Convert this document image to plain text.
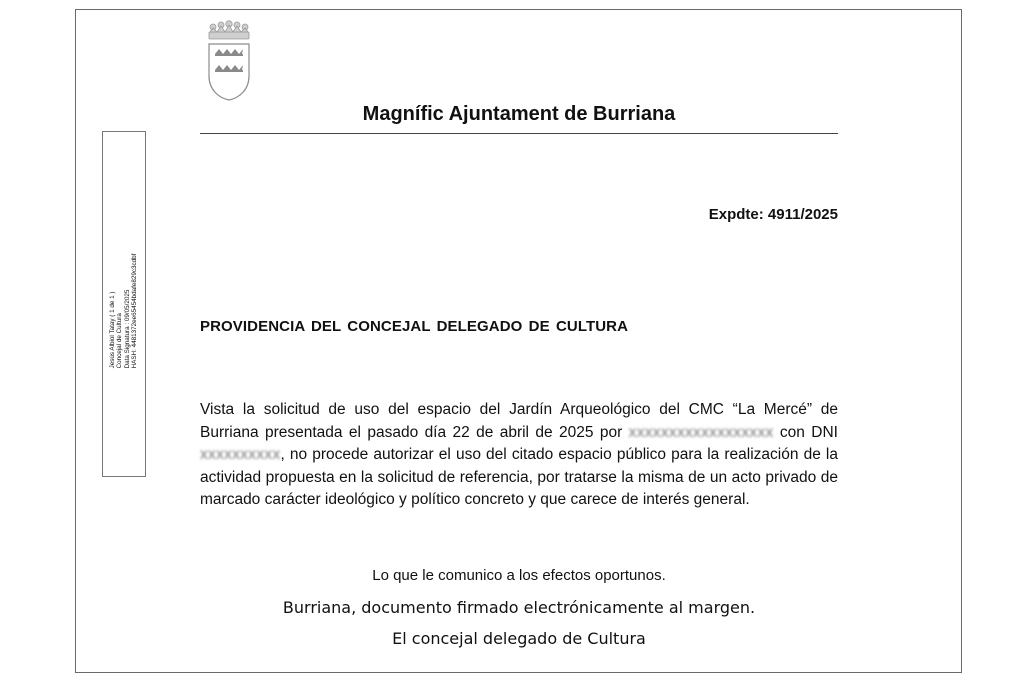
Magnífic Ajuntament de Burriana
Jesús Albiol Tatay ( 1 de 1 ) Concejal de Cultura Data Signatura : 09/05/2025 HASH: 4481372ee65454bdafe829c3cdbf
Expdte: 4911/2025
PROVIDENCIA DEL CONCEJAL DELEGADO DE CULTURA
Vista la solicitud de uso del espacio del Jardín Arqueológico del CMC “La Mercé” de Burriana presentada el pasado día 22 de abril de 2025 por xxxxxxxxxxxxxxxxxx con DNI xxxxxxxxxx, no procede autorizar el uso del citado espacio público para la realización de la actividad propuesta en la solicitud de referencia, por tratarse la misma de un acto privado de marcado carácter ideológico y político concreto y que carece de interés general.
Lo que le comunico a los efectos oportunos.
Burriana, documento firmado electrónicamente al margen.
El concejal delegado de Cultura
